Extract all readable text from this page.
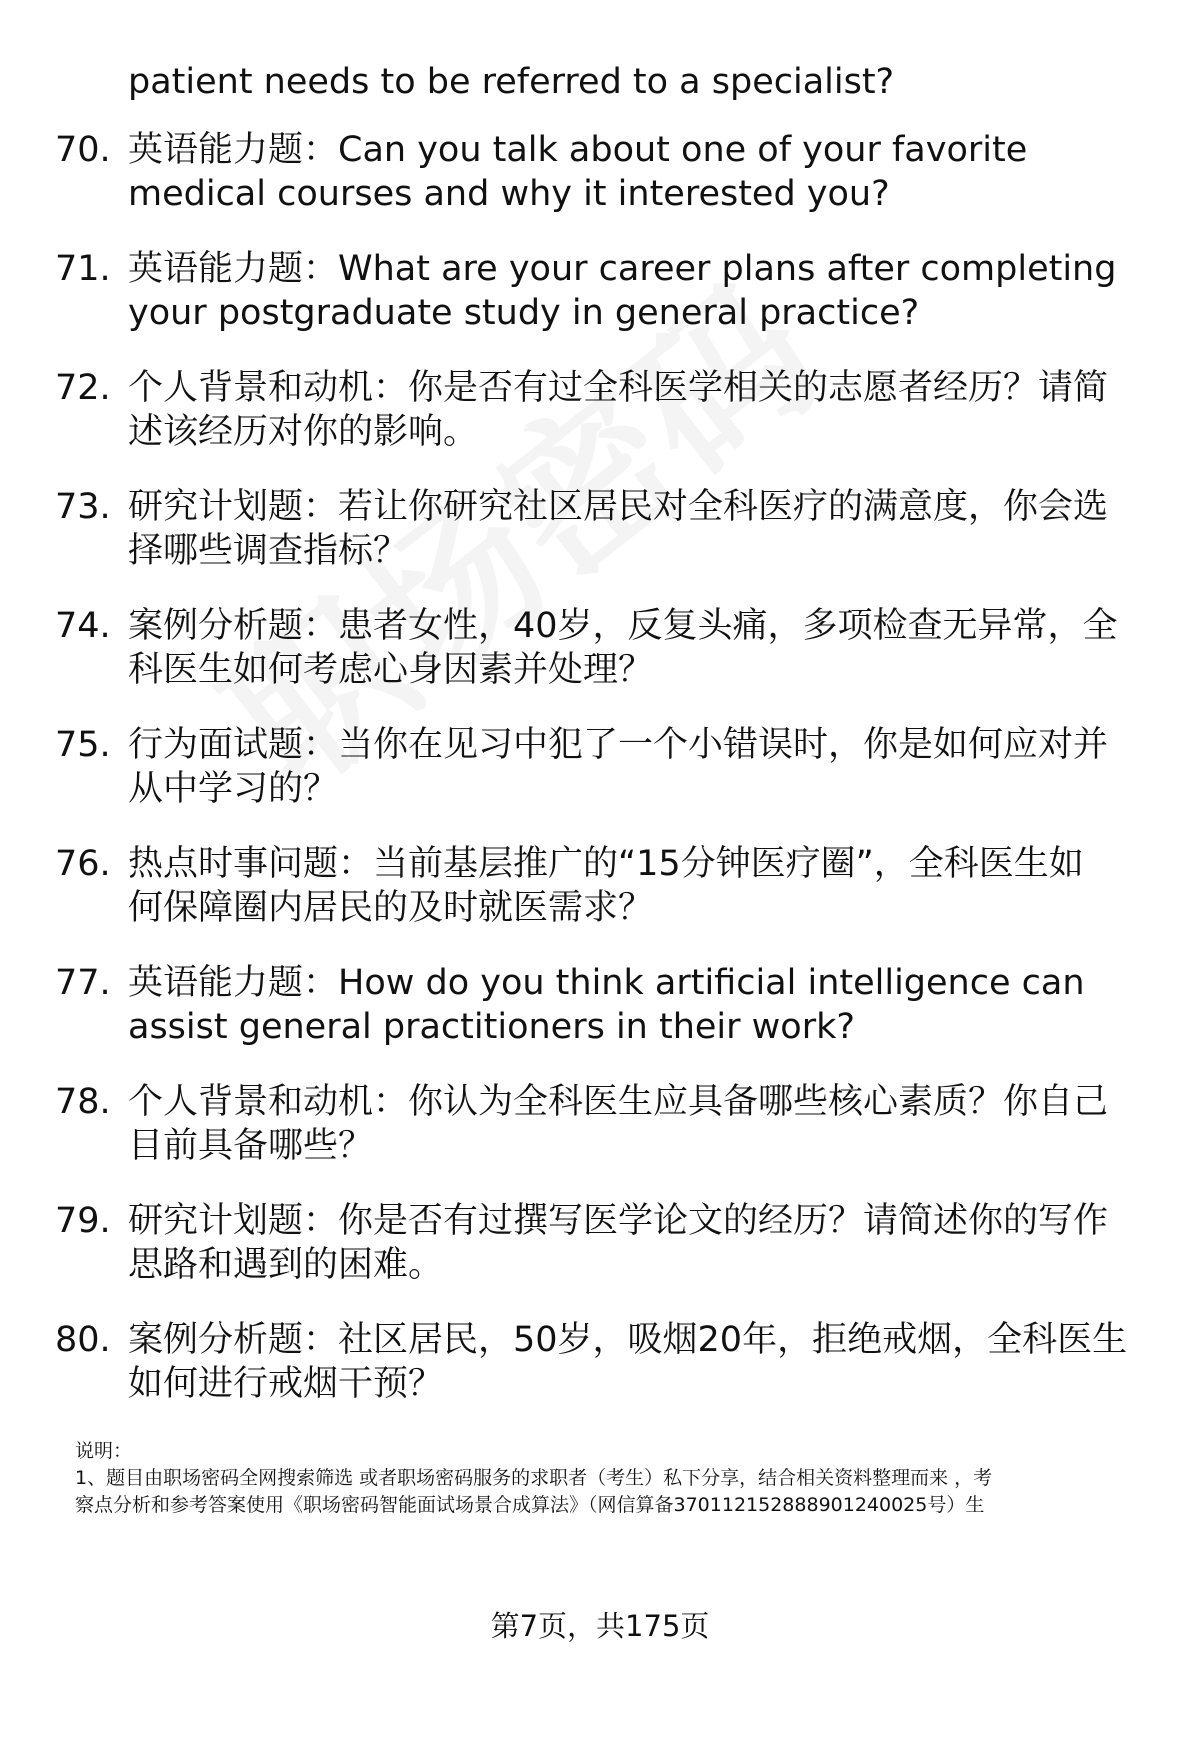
patient needs to be referred to a specialist?
70. 英语能力题：Can you talk about one of your favorite
medical courses and why it interested you?
71. 英语能力题：What are your career plans after completing
your postgraduate study in general practice?
72. 个人背景和动机：你是否有过全科医学相关的志愿者经历？请简
述该经历对你的影响。
73. 研究计划题：若让你研究社区居民对全科医疗的满意度，你会选
择哪些调查指标？
74. 案例分析题：患者女性，40岁，反复头痛，多项检查无异常，全
科医生如何考虑心身因素并处理？
75. 行为面试题：当你在见习中犯了一个小错误时，你是如何应对并
从中学习的？
76. 热点时事问题：当前基层推广的“15分钟医疗圈”，全科医生如
何保障圈内居民的及时就医需求？
77. 英语能力题：How do you think artificial intelligence can
assist general practitioners in their work?
78. 个人背景和动机：你认为全科医生应具备哪些核心素质？你自己
目前具备哪些？
79. 研究计划题：你是否有过撰写医学论文的经历？请简述你的写作
思路和遇到的困难。
80. 案例分析题：社区居民，50岁，吸烟20年，拒绝戒烟，全科医生
如何进行戒烟干预？
说明：
1、题目由职场密码全网搜索筛选 或者职场密码服务的求职者（考生）私下分享，结合相关资料整理而来 ，考
察点分析和参考答案使用《职场密码智能面试场景合成算法》（网信算备370112152888901240025号）生
第7页，共175页
